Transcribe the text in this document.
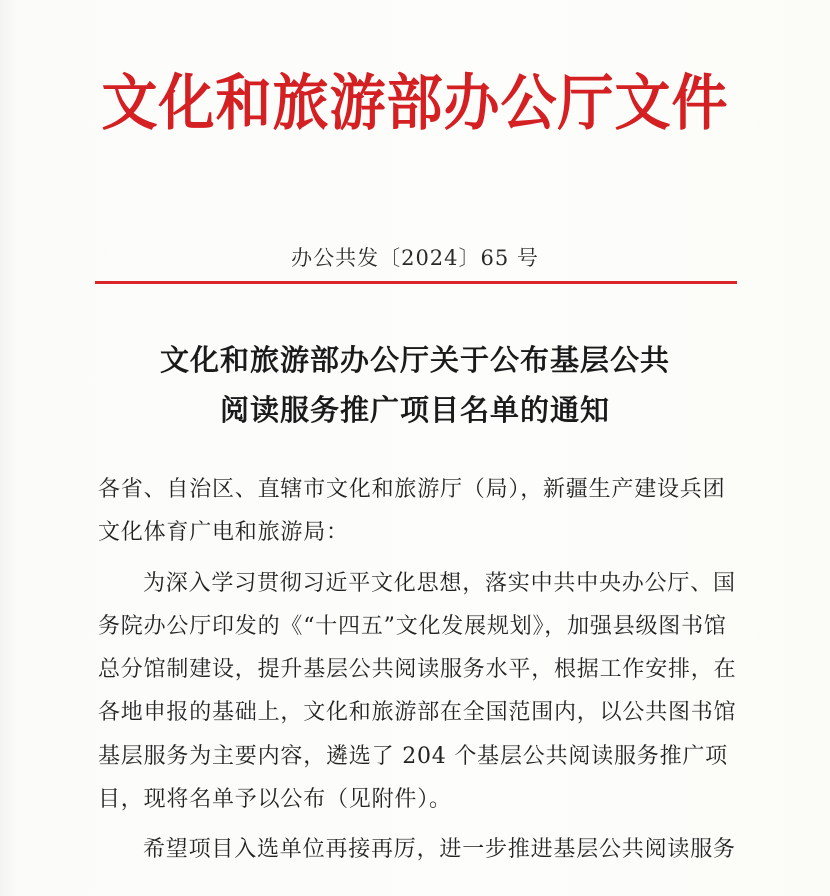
文化和旅游部办公厅文件
办公共发〔2024〕65 号
文化和旅游部办公厅关于公布基层公共
阅读服务推广项目名单的通知
各省、自治区、直辖市文化和旅游厅（局），新疆生产建设兵团
文化体育广电和旅游局：
为深入学习贯彻习近平文化思想，落实中共中央办公厅、国
务院办公厅印发的《“十四五”文化发展规划》，加强县级图书馆
总分馆制建设，提升基层公共阅读服务水平，根据工作安排，在
各地申报的基础上，文化和旅游部在全国范围内，以公共图书馆
基层服务为主要内容，遴选了 204 个基层公共阅读服务推广项
目，现将名单予以公布（见附件）。
希望项目入选单位再接再厉，进一步推进基层公共阅读服务
